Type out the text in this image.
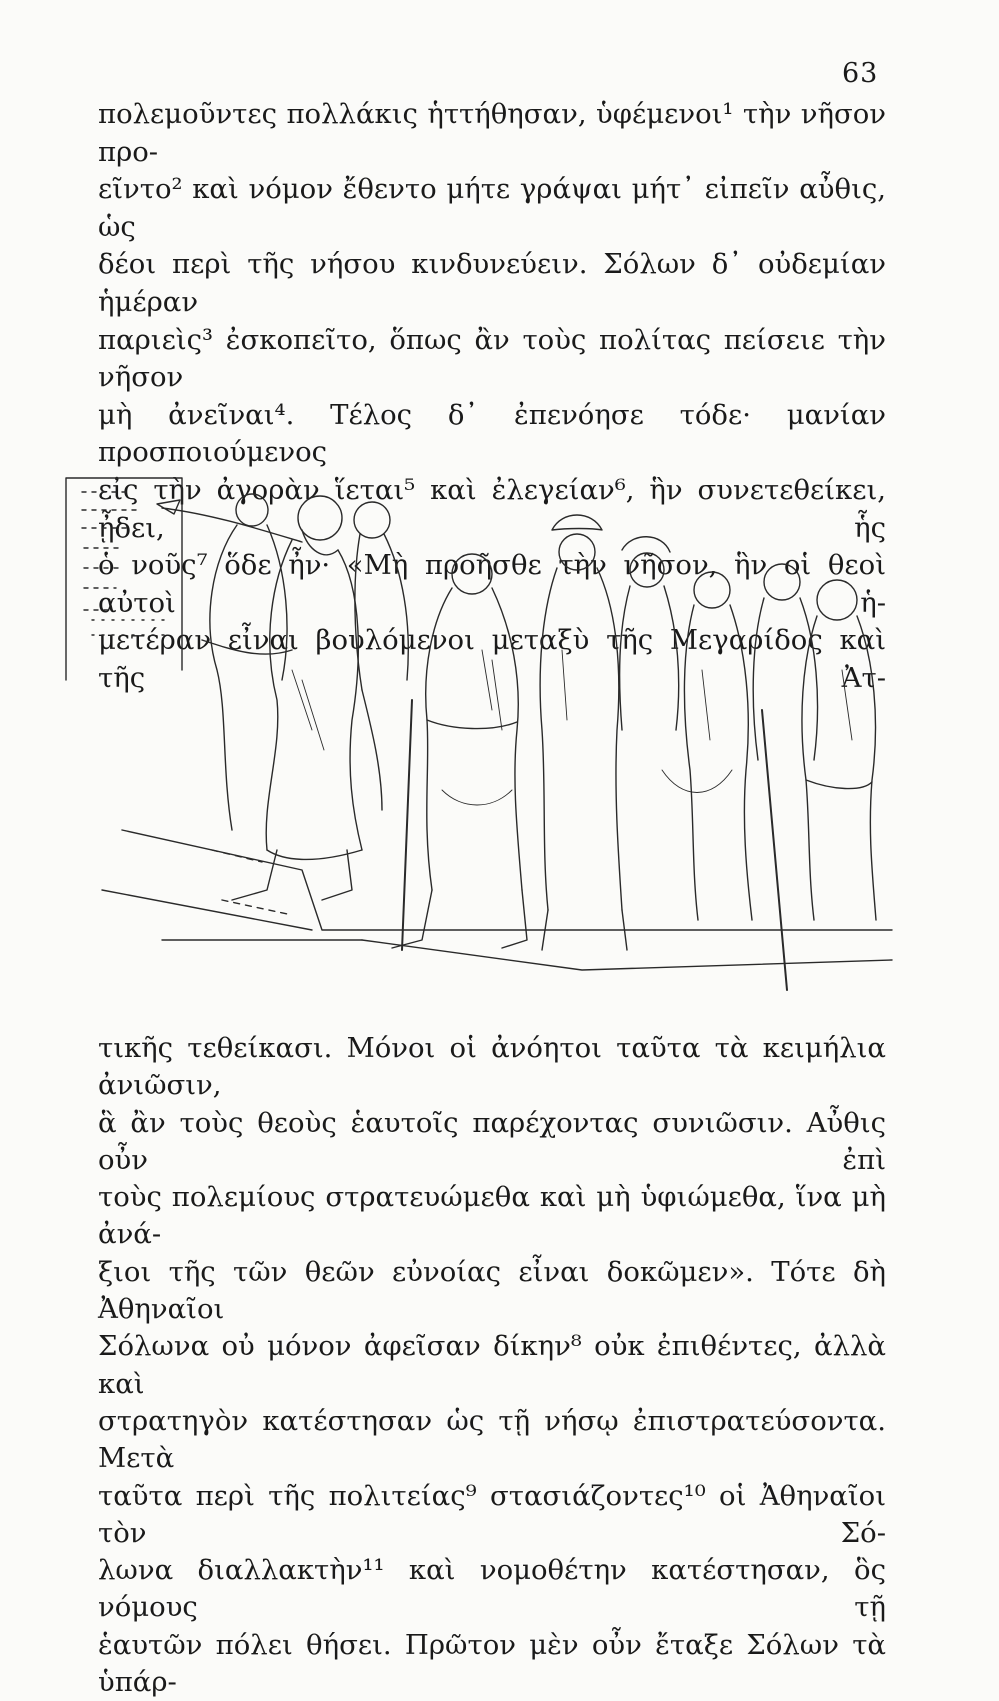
63
πολεμοῦντες πολλάκις ἡττήθησαν, ὑφέμενοι¹ τὴν νῆσον προ-
εῖντο² καὶ νόμον ἔθεντο μήτε γράψαι μήτ᾽ εἰπεῖν αὖθις, ὡς
δέοι περὶ τῆς νήσου κινδυνεύειν. Σόλων δ᾽ οὐδεμίαν ἡμέραν
παριεὶς³ ἐσκοπεῖτο, ὅπως ἂν τοὺς πολίτας πείσειε τὴν νῆσον
μὴ ἀνεῖναι⁴. Τέλος δ᾽ ἐπενόησε τόδε· μανίαν προσποιούμενος
εἰς τὴν ἀγορὰν ἵεται⁵ καὶ ἐλεγείαν⁶, ἣν συνετεθείκει, ᾖδει, ἧς
ὁ νοῦς⁷ ὅδε ἦν· «Μὴ προῆσθε τὴν νῆσον, ἣν οἱ θεοὶ αὐτοὶ ἡ-
μετέραν εἶναι βουλόμενοι μεταξὺ τῆς Μεγαρίδος καὶ τῆς Ἀτ-
τικῆς τεθείκασι. Μόνοι οἱ ἀνόητοι ταῦτα τὰ κειμήλια ἀνιῶσιν,
ἃ ἂν τοὺς θεοὺς ἑαυτοῖς παρέχοντας συνιῶσιν. Αὖθις οὖν ἐπὶ
τοὺς πολεμίους στρατευώμεθα καὶ μὴ ὑφιώμεθα, ἵνα μὴ ἀνά-
ξιοι τῆς τῶν θεῶν εὐνοίας εἶναι δοκῶμεν». Τότε δὴ Ἀθηναῖοι
Σόλωνα οὐ μόνον ἀφεῖσαν δίκην⁸ οὐκ ἐπιθέντες, ἀλλὰ καὶ
στρατηγὸν κατέστησαν ὡς τῇ νήσῳ ἐπιστρατεύσοντα. Μετὰ
ταῦτα περὶ τῆς πολιτείας⁹ στασιάζοντες¹⁰ οἱ Ἀθηναῖοι τὸν Σό-
λωνα διαλλακτὴν¹¹ καὶ νομοθέτην κατέστησαν, ὃς νόμους τῇ
ἑαυτῶν πόλει θήσει. Πρῶτον μὲν οὖν ἔταξε Σόλων τὰ ὑπάρ-
